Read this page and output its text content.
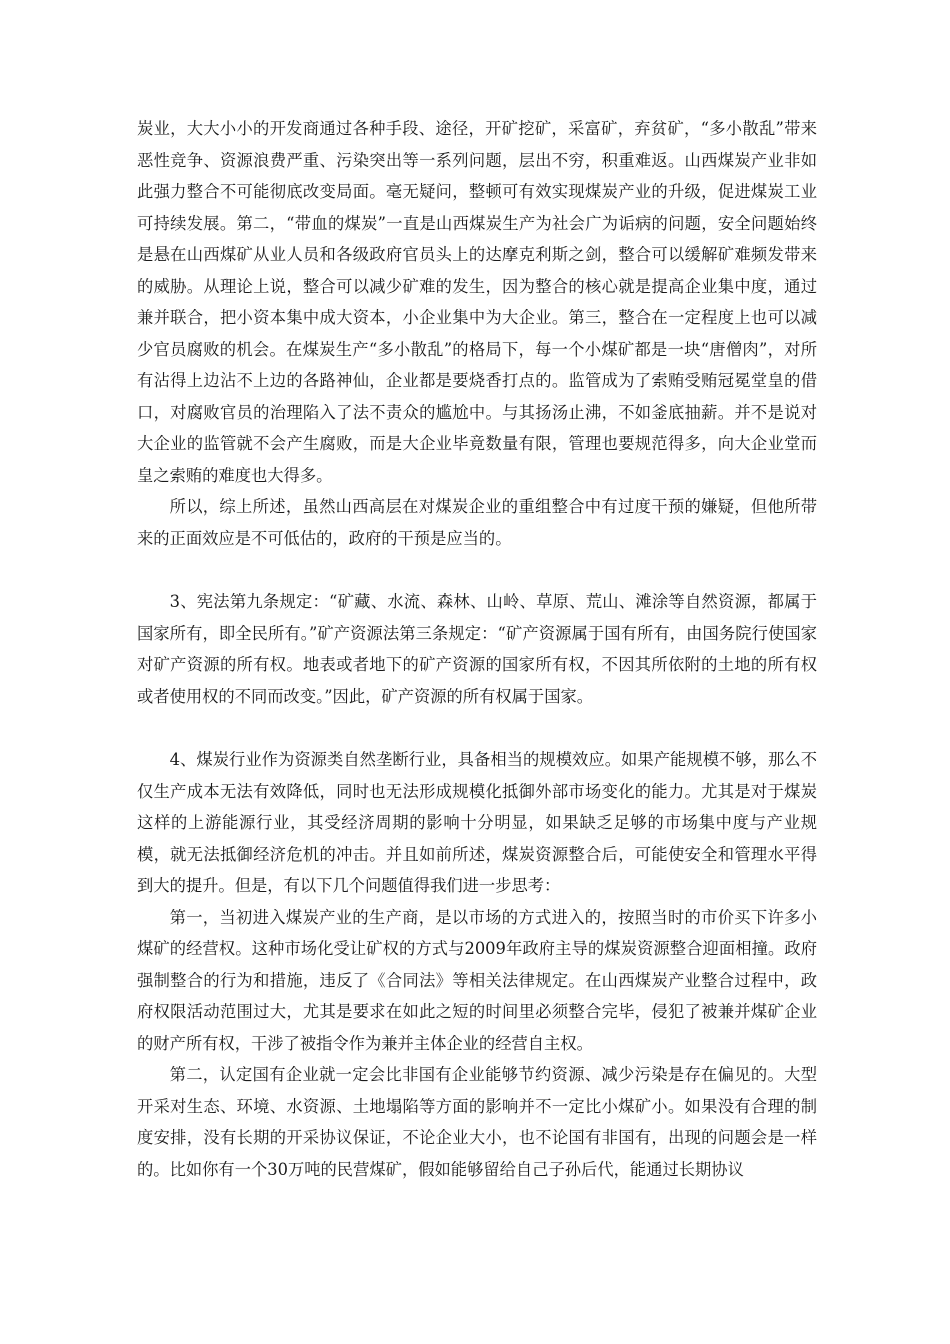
炭业，大大小小的开发商通过各种手段、途径，开矿挖矿，采富矿，弃贫矿，“多小散乱”带来恶性竞争、资源浪费严重、污染突出等一系列问题，层出不穷，积重难返。山西煤炭产业非如此强力整合不可能彻底改变局面。毫无疑问，整顿可有效实现煤炭产业的升级，促进煤炭工业可持续发展。第二，“带血的煤炭”一直是山西煤炭生产为社会广为诟病的问题，安全问题始终是悬在山西煤矿从业人员和各级政府官员头上的达摩克利斯之剑，整合可以缓解矿难频发带来的威胁。从理论上说，整合可以减少矿难的发生，因为整合的核心就是提高企业集中度，通过兼并联合，把小资本集中成大资本，小企业集中为大企业。第三，整合在一定程度上也可以减少官员腐败的机会。在煤炭生产“多小散乱”的格局下，每一个小煤矿都是一块“唐僧肉”，对所有沾得上边沾不上边的各路神仙，企业都是要烧香打点的。监管成为了索贿受贿冠冕堂皇的借口，对腐败官员的治理陷入了法不责众的尴尬中。与其扬汤止沸，不如釜底抽薪。并不是说对大企业的监管就不会产生腐败，而是大企业毕竟数量有限，管理也要规范得多，向大企业堂而皇之索贿的难度也大得多。

所以，综上所述，虽然山西高层在对煤炭企业的重组整合中有过度干预的嫌疑，但他所带来的正面效应是不可低估的，政府的干预是应当的。

3、宪法第九条规定：“矿藏、水流、森林、山岭、草原、荒山、滩涂等自然资源，都属于国家所有，即全民所有。”矿产资源法第三条规定：“矿产资源属于国有所有，由国务院行使国家对矿产资源的所有权。地表或者地下的矿产资源的国家所有权，不因其所依附的土地的所有权或者使用权的不同而改变。”因此，矿产资源的所有权属于国家。

4、煤炭行业作为资源类自然垄断行业，具备相当的规模效应。如果产能规模不够，那么不仅生产成本无法有效降低，同时也无法形成规模化抵御外部市场变化的能力。尤其是对于煤炭这样的上游能源行业，其受经济周期的影响十分明显，如果缺乏足够的市场集中度与产业规模，就无法抵御经济危机的冲击。并且如前所述，煤炭资源整合后，可能使安全和管理水平得到大的提升。但是，有以下几个问题值得我们进一步思考：

第一，当初进入煤炭产业的生产商，是以市场的方式进入的，按照当时的市价买下许多小煤矿的经营权。这种市场化受让矿权的方式与2009年政府主导的煤炭资源整合迎面相撞。政府强制整合的行为和措施，违反了《合同法》等相关法律规定。在山西煤炭产业整合过程中，政府权限活动范围过大，尤其是要求在如此之短的时间里必须整合完毕，侵犯了被兼并煤矿企业的财产所有权，干涉了被指令作为兼并主体企业的经营自主权。

第二，认定国有企业就一定会比非国有企业能够节约资源、减少污染是存在偏见的。大型开采对生态、环境、水资源、土地塌陷等方面的影响并不一定比小煤矿小。如果没有合理的制度安排，没有长期的开采协议保证，不论企业大小，也不论国有非国有，出现的问题会是一样的。比如你有一个30万吨的民营煤矿，假如能够留给自己子孙后代，能通过长期协议
